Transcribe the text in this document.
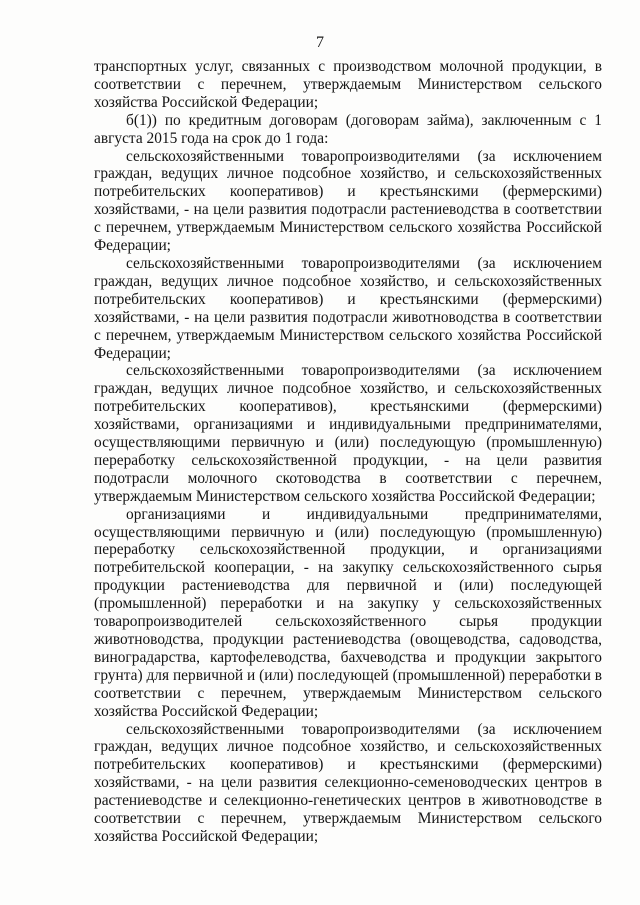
7

транспортных услуг, связанных с производством молочной продукции, в соответствии с перечнем, утверждаемым Министерством сельского хозяйства Российской Федерации;

б(1)) по кредитным договорам (договорам займа), заключенным с 1 августа 2015 года на срок до 1 года:

сельскохозяйственными товаропроизводителями (за исключением граждан, ведущих личное подсобное хозяйство, и сельскохозяйственных потребительских кооперативов) и крестьянскими (фермерскими) хозяйствами, - на цели развития подотрасли растениеводства в соответствии с перечнем, утверждаемым Министерством сельского хозяйства Российской Федерации;

сельскохозяйственными товаропроизводителями (за исключением граждан, ведущих личное подсобное хозяйство, и сельскохозяйственных потребительских кооперативов) и крестьянскими (фермерскими) хозяйствами, - на цели развития подотрасли животноводства в соответствии с перечнем, утверждаемым Министерством сельского хозяйства Российской Федерации;

сельскохозяйственными товаропроизводителями (за исключением граждан, ведущих личное подсобное хозяйство, и сельскохозяйственных потребительских кооперативов), крестьянскими (фермерскими) хозяйствами, организациями и индивидуальными предпринимателями, осуществляющими первичную и (или) последующую (промышленную) переработку сельскохозяйственной продукции, - на цели развития подотрасли молочного скотоводства в соответствии с перечнем, утверждаемым Министерством сельского хозяйства Российской Федерации;

организациями и индивидуальными предпринимателями, осуществляющими первичную и (или) последующую (промышленную) переработку сельскохозяйственной продукции, и организациями потребительской кооперации, - на закупку сельскохозяйственного сырья продукции растениеводства для первичной и (или) последующей (промышленной) переработки и на закупку у сельскохозяйственных товаропроизводителей сельскохозяйственного сырья продукции животноводства, продукции растениеводства (овощеводства, садоводства, виноградарства, картофелеводства, бахчеводства и продукции закрытого грунта) для первичной и (или) последующей (промышленной) переработки в соответствии с перечнем, утверждаемым Министерством сельского хозяйства Российской Федерации;

сельскохозяйственными товаропроизводителями (за исключением граждан, ведущих личное подсобное хозяйство, и сельскохозяйственных потребительских кооперативов) и крестьянскими (фермерскими) хозяйствами, - на цели развития селекционно-семеноводческих центров в растениеводстве и селекционно-генетических центров в животноводстве в соответствии с перечнем, утверждаемым Министерством сельского хозяйства Российской Федерации;
